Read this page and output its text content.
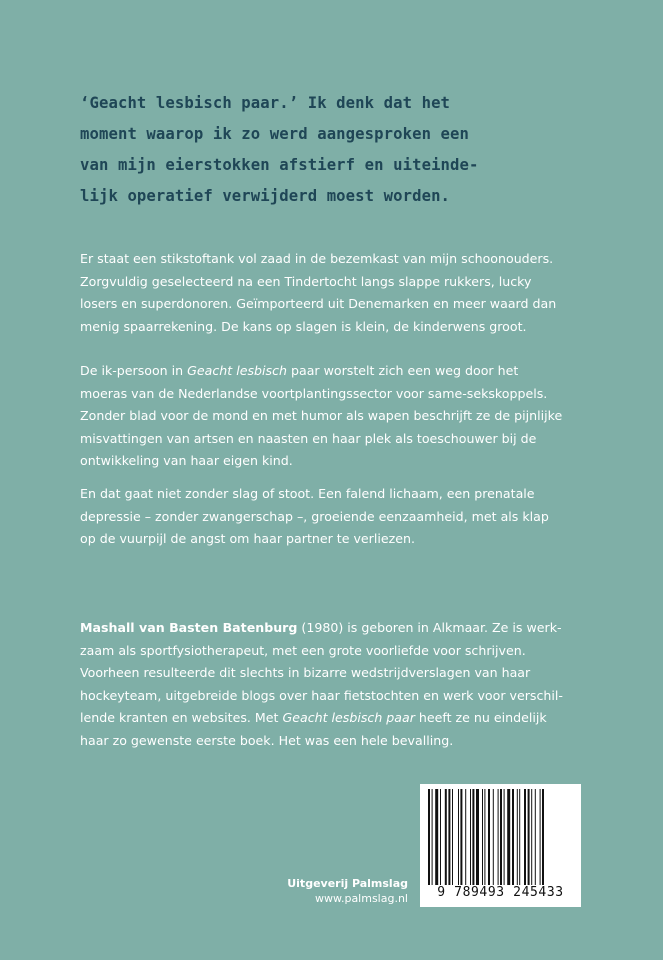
‘Geacht lesbisch paar.’ Ik denk dat het
moment waarop ik zo werd aangesproken een
van mijn eierstokken afstierf en uiteinde-
lijk operatief verwijderd moest worden.
Er staat een stikstoftank vol zaad in de bezemkast van mijn schoonouders.
Zorgvuldig geselecteerd na een Tindertocht langs slappe rukkers, lucky
losers en superdonoren. Geïmporteerd uit Denemarken en meer waard dan
menig spaarrekening. De kans op slagen is klein, de kinderwens groot.
De ik-persoon in Geacht lesbisch paar worstelt zich een weg door het
moeras van de Nederlandse voortplantingssector voor same-sekskoppels.
Zonder blad voor de mond en met humor als wapen beschrijft ze de pijnlijke
misvattingen van artsen en naasten en haar plek als toeschouwer bij de
ontwikkeling van haar eigen kind.
En dat gaat niet zonder slag of stoot. Een falend lichaam, een prenatale
depressie – zonder zwangerschap –, groeiende eenzaamheid, met als klap
op de vuurpijl de angst om haar partner te verliezen.
Mashall van Basten Batenburg (1980) is geboren in Alkmaar. Ze is werk-
zaam als sportfysiotherapeut, met een grote voorliefde voor schrijven.
Voorheen resulteerde dit slechts in bizarre wedstrijdverslagen van haar
hockeyteam, uitgebreide blogs over haar fietstochten en werk voor verschil-
lende kranten en websites. Met Geacht lesbisch paar heeft ze nu eindelijk
haar zo gewenste eerste boek. Het was een hele bevalling.
Uitgeverij Palmslag
www.palmslag.nl	9 789493 245433
